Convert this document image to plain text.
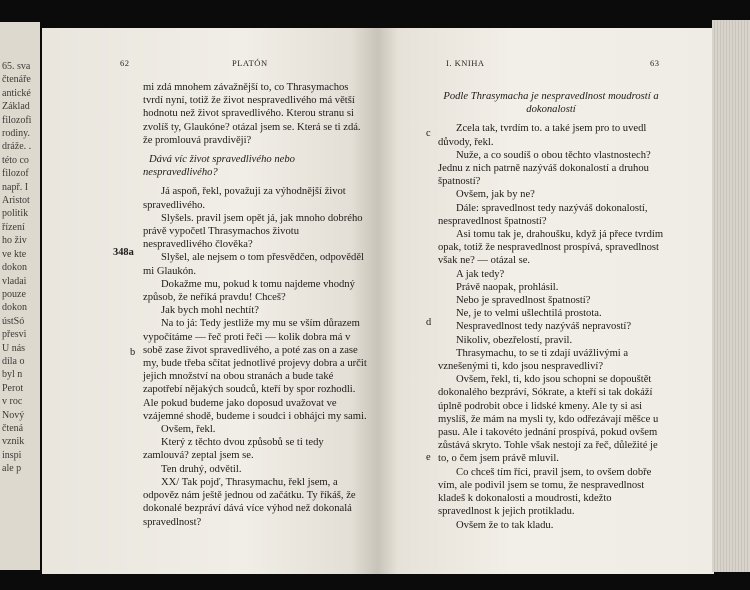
65. sva
čtenáře
antické
Základ
filozofi
rodiny.
dráže. .
této co
filozof
např. I
Aristot
politik
řízení
ho živ
ve kte
dokon
vladai
pouze
dokon
ústSó
přesvi
U nás
díla o
byl n
Perot
v roc
Nový
čtená
vznik
inspi
ale p
62	PLATÓN

mi zdá mnohem závažnější to, co Thrasymachos tvrdí nyní, totiž že život nespravedlivého má větší hodnotu než život spravedlivého. Kterou stranu si zvolíš ty, Glaukóne? otázal jsem se. Která se ti zdá. že promlouvá pravdivěji?

Dává víc život spravedlivého nebo nespravedlivého?

Já aspoň, řekl, považuji za výhodnější život spravedlivého.

Slyšels. pravil jsem opět já, jak mnoho dobrého právě vypočetl Thrasymachos životu nespravedlivého člověka?

Slyšel, ale nejsem o tom přesvědčen, odpověděl mi Glaukón.

Dokažme mu, pokud k tomu najdeme vhodný způsob, že neříká pravdu! Chceš?

Jak bych mohl nechtít?

Na to já: Tedy jestliže my mu se vším důrazem vypočítáme — řeč proti řeči — kolik dobra má v sobě zase život spravedlivého, a poté zas on a zase my, bude třeba sčítat jednotlivé projevy dobra a určit jejich množství na obou stranách a bude také zapotřebí nějakých soudců, kteří by spor rozhodli. Ale pokud budeme jako doposud uvažovat ve vzájemné shodě, budeme i soudci i obhájci my sami.

Ovšem, řekl.

Který z těchto dvou způsobů se ti tedy zamlouvá? zeptal jsem se.

Ten druhý, odvětil.

XX/ Tak pojď, Thrasymachu, řekl jsem, a odpověz nám ještě jednou od začátku. Ty říkáš, že dokonalé bezpráví dává více výhod než dokonalá spravedlnost?

348a
b
I. KNIHA	63

Podle Thrasymacha je nespravedlnost moudrostí a dokonalostí

Zcela tak, tvrdím to. a také jsem pro to uvedl důvody, řekl.

Nuže, a co soudíš o obou těchto vlastnostech? Jednu z nich patrně nazýváš dokonalostí a druhou špatností?

Ovšem, jak by ne?

Dále: spravedlnost tedy nazýváš dokonalostí, nespravedlnost špatností?

Asi tomu tak je, drahoušku, když já přece tvrdím opak, totiž že nespravedlnost prospívá, spravedlnost však ne? — otázal se.

A jak tedy?

Právě naopak, prohlásil.

Nebo je spravedlnost špatností?

Ne, je to velmi ušlechtilá prostota.

Nespravedlnost tedy nazýváš nepravostí?

Nikoliv, obezřelostí, pravil.

Thrasymachu, to se ti zdají uvážlivými a vznešenými ti, kdo jsou nespravedliví?

Ovšem, řekl, ti, kdo jsou schopni se dopouštět dokonalého bezpráví, Sókrate, a kteří si tak dokáží úplně podrobit obce i lidské kmeny. Ale ty si asi myslíš, že mám na mysli ty, kdo odřezávají měšce u pasu. Ale i takovéto jednání prospívá, pokud ovšem zůstává skryto. Tohle však nestojí za řeč, důležité je to, o čem jsem právě mluvil.

Co chceš tím říci, pravil jsem, to ovšem dobře vím, ale podivil jsem se tomu, že nespravedlnost kladeš k dokonalosti a moudrosti, kdežto spravedlnost k jejich protikladu.

Ovšem že to tak kladu.

c
d
e
